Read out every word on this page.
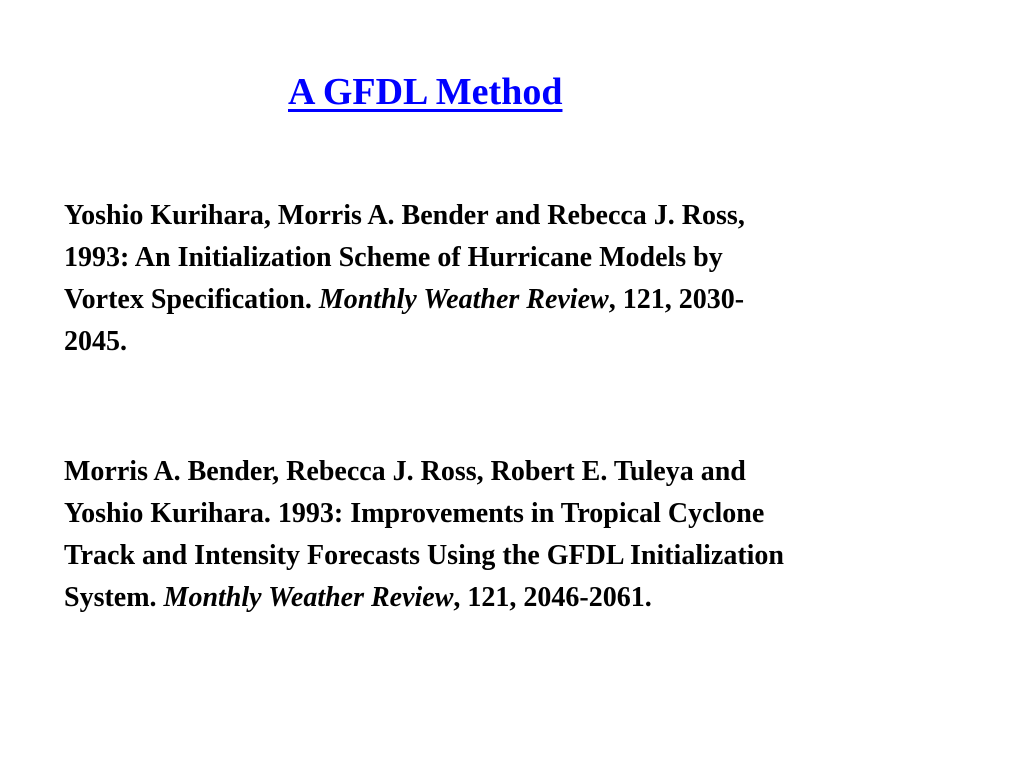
A GFDL Method
Yoshio Kurihara, Morris A. Bender and Rebecca J. Ross,
1993: An Initialization Scheme of Hurricane Models by
Vortex Specification. Monthly Weather Review, 121, 2030-
2045.
Morris A. Bender, Rebecca J. Ross, Robert E. Tuleya and
Yoshio Kurihara. 1993: Improvements in Tropical Cyclone
Track and Intensity Forecasts Using the GFDL Initialization
System. Monthly Weather Review, 121, 2046-2061.
